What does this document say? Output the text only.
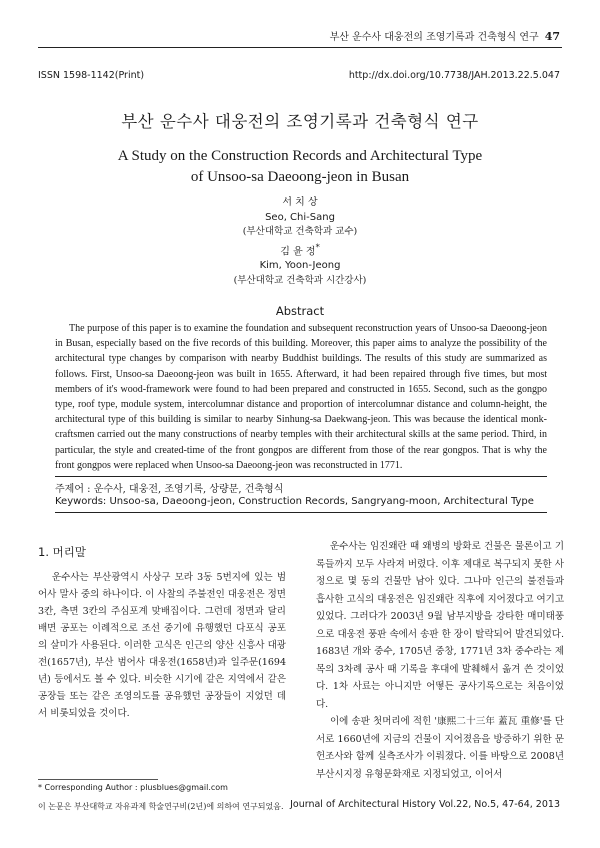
부산 운수사 대웅전의 조영기록과 건축형식 연구 47
ISSN 1598-1142(Print)	http://dx.doi.org/10.7738/JAH.2013.22.5.047
부산 운수사 대웅전의 조영기록과 건축형식 연구
A Study on the Construction Records and Architectural Type
of Unsoo-sa Daeoong-jeon in Busan
서 치 상
Seo, Chi-Sang
(부산대학교 건축학과 교수)
김 윤 정*
Kim, Yoon-Jeong
(부산대학교 건축학과 시간강사)
Abstract
The purpose of this paper is to examine the foundation and subsequent reconstruction years of Unsoo-sa Daeoong-jeon in Busan, especially based on the five records of this building. Moreover, this paper aims to analyze the possibility of the architectural type changes by comparison with nearby Buddhist buildings. The results of this study are summarized as follows. First, Unsoo-sa Daeoong-jeon was built in 1655. Afterward, it had been repaired through five times, but most members of it's wood-framework were found to had been prepared and constructed in 1655. Second, such as the gongpo type, roof type, module system, intercolumnar distance and proportion of intercolumnar distance and column-height, the architectural type of this building is similar to nearby Sinhung-sa Daekwang-jeon. This was because the identical monk-craftsmen carried out the many constructions of nearby temples with their architectural skills at the same period. Third, in particular, the style and created-time of the front gongpos are different from those of the rear gongpos. That is why the front gongpos were replaced when Unsoo-sa Daeoong-jeon was reconstructed in 1771.
주제어 : 운수사, 대웅전, 조영기록, 상량문, 건축형식
Keywords: Unsoo-sa, Daeoong-jeon, Construction Records, Sangryang-moon, Architectural Type
1. 머리말

운수사는 부산광역시 사상구 모라 3동 5번지에 있는 범어사 말사 중의 하나이다. 이 사찰의 주불전인 대웅전은 정면 3칸, 측면 3칸의 주심포계 맞배집이다. 그런데 정면과 달리 배면 공포는 이례적으로 조선 중기에 유행했던 다포식 공포의 살미가 사용된다. 이러한 고식은 인근의 양산 신흥사 대광전(1657년), 부산 범어사 대웅전(1658년)과 일주문(1694년) 등에서도 볼 수 있다. 비슷한 시기에 같은 지역에서 같은 공장들 또는 같은 조영의도를 공유했던 공장들이 지었던 데서 비롯되었을 것이다.

운수사는 임진왜란 때 왜병의 방화로 건물은 물론이고 기록들까지 모두 사라져 버렸다. 이후 제대로 복구되지 못한 사정으로 몇 동의 건물만 남아 있다. 그나마 인근의 불전들과 흡사한 고식의 대웅전은 임진왜란 직후에 지어졌다고 여기고 있었다. 그러다가 2003년 9월 남부지방을 강타한 매미태풍으로 대웅전 풍판 속에서 송판 한 장이 탈락되어 발견되었다. 1683년 개와 중수, 1705년 중창, 1771년 3차 중수라는 제목의 3차례 공사 때 기록을 후대에 발췌해서 옮겨 쓴 것이었다. 1차 사료는 아니지만 어떻든 공사기록으로는 처음이었다.

이에 송판 첫머리에 적힌 '康熙二十三年 蓋瓦 重修'를 단서로 1660년에 지금의 건물이 지어졌음을 방증하기 위한 문헌조사와 함께 실측조사가 이뤄졌다. 이를 바탕으로 2008년 부산시지정 유형문화재로 지정되었고, 이어서

* Corresponding Author : plusblues@gmail.com
이 논문은 부산대학교 자유과제 학술연구비(2년)에 의하여 연구되었음. Journal of Architectural History Vol.22, No.5, 47-64, 2013
